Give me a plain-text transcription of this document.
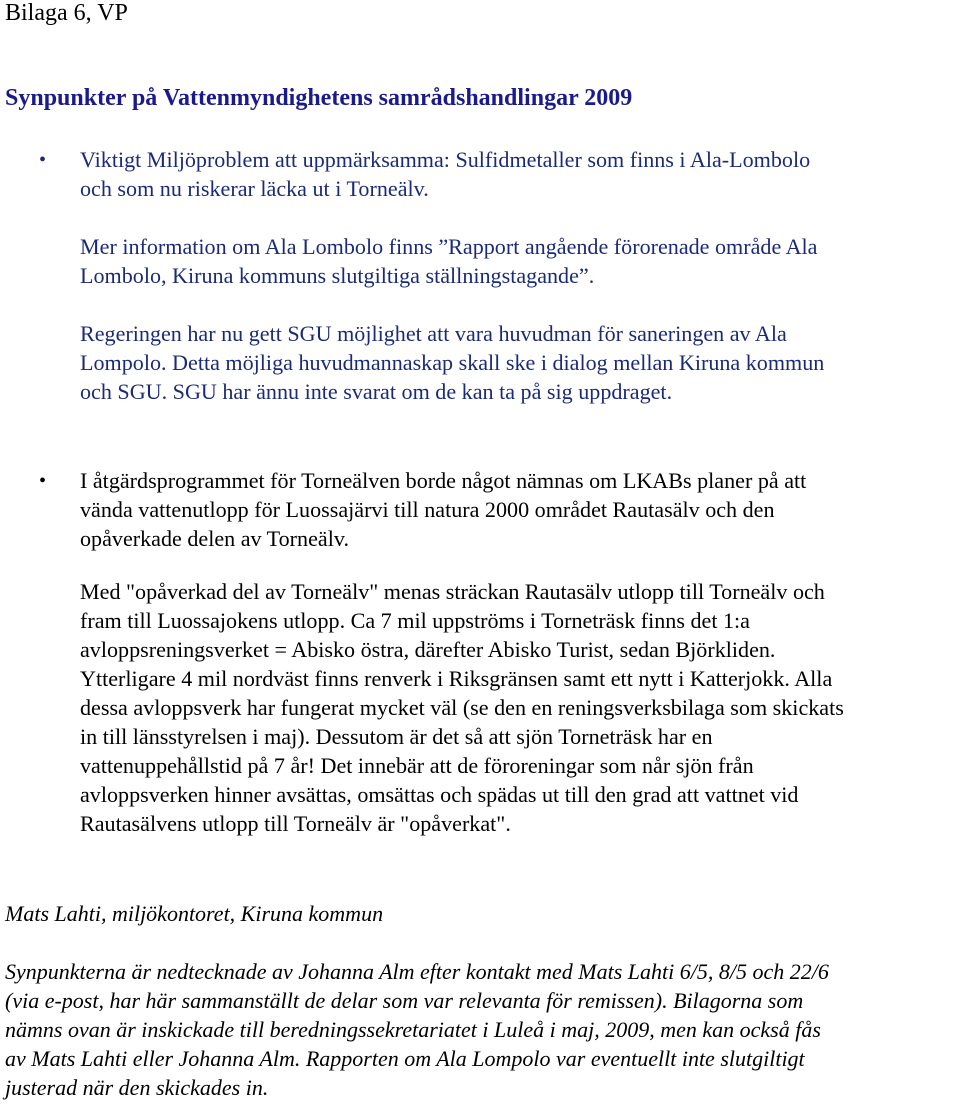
Bilaga 6, VP
Synpunkter på Vattenmyndighetens samrådshandlingar 2009
• Viktigt Miljöproblem att uppmärksamma: Sulfidmetaller som finns i Ala-Lombolo
och som nu riskerar läcka ut i Torneälv.
Mer information om Ala Lombolo finns ”Rapport angående förorenade område Ala
Lombolo, Kiruna kommuns slutgiltiga ställningstagande”.
Regeringen har nu gett SGU möjlighet att vara huvudman för saneringen av Ala
Lompolo. Detta möjliga huvudmannaskap skall ske i dialog mellan Kiruna kommun
och SGU. SGU har ännu inte svarat om de kan ta på sig uppdraget.
• I åtgärdsprogrammet för Torneälven borde något nämnas om LKABs planer på att
vända vattenutlopp för Luossajärvi till natura 2000 området Rautasälv och den
opåverkade delen av Torneälv.
Med "opåverkad del av Torneälv" menas sträckan Rautasälv utlopp till Torneälv och
fram till Luossajokens utlopp. Ca 7 mil uppströms i Torneträsk finns det 1:a
avloppsreningsverket = Abisko östra, därefter Abisko Turist, sedan Björkliden.
Ytterligare 4 mil nordväst finns renverk i Riksgränsen samt ett nytt i Katterjokk. Alla
dessa avloppsverk har fungerat mycket väl (se den en reningsverksbilaga som skickats
in till länsstyrelsen i maj). Dessutom är det så att sjön Torneträsk har en
vattenuppehållstid på 7 år! Det innebär att de föroreningar som når sjön från
avloppsverken hinner avsättas, omsättas och spädas ut till den grad att vattnet vid
Rautasälvens utlopp till Torneälv är "opåverkat".
Mats Lahti, miljökontoret, Kiruna kommun
Synpunkterna är nedtecknade av Johanna Alm efter kontakt med Mats Lahti 6/5, 8/5 och 22/6
(via e-post, har här sammanställt de delar som var relevanta för remissen). Bilagorna som
nämns ovan är inskickade till beredningssekretariatet i Luleå i maj, 2009, men kan också fås
av Mats Lahti eller Johanna Alm. Rapporten om Ala Lompolo var eventuellt inte slutgiltigt
justerad när den skickades in.
